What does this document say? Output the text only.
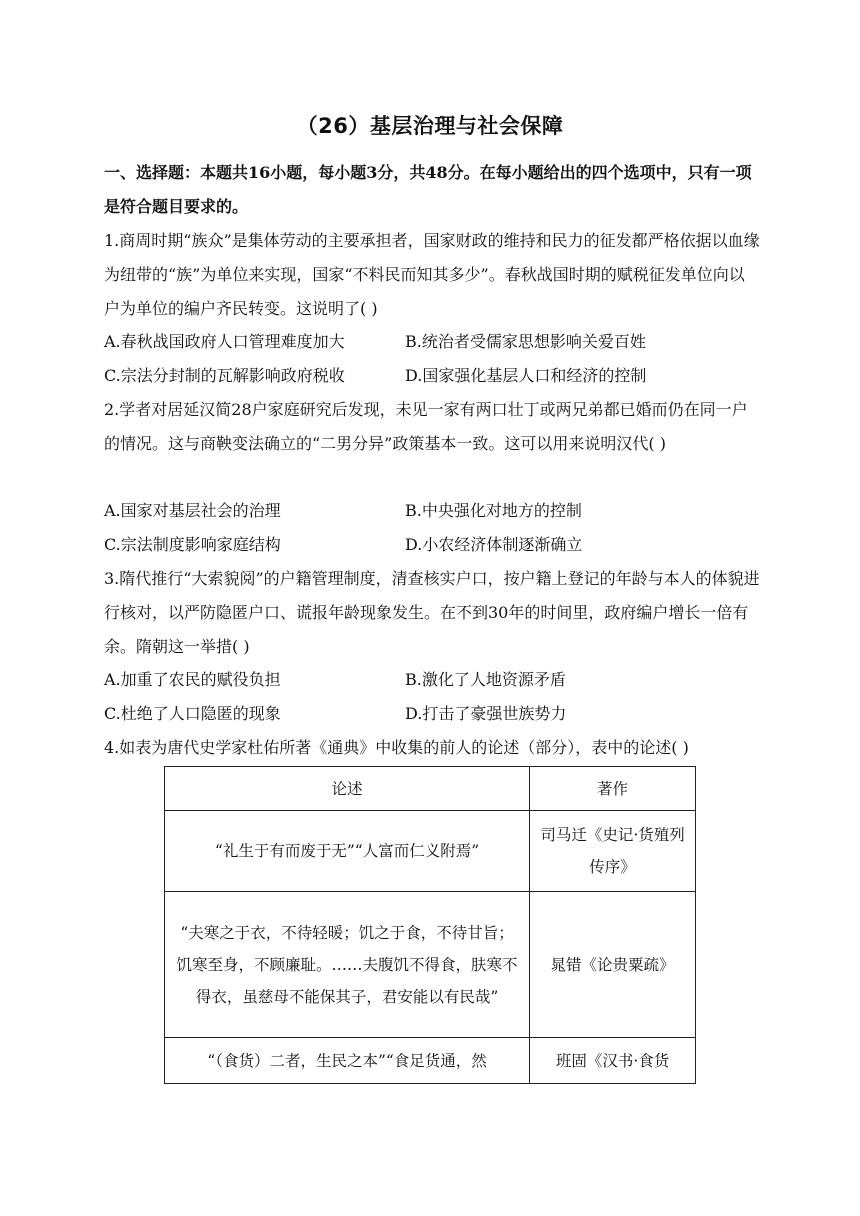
（26）基层治理与社会保障
一、选择题：本题共16小题，每小题3分，共48分。在每小题给出的四个选项中，只有一项是符合题目要求的。
1.商周时期“族众”是集体劳动的主要承担者，国家财政的维持和民力的征发都严格依据以血缘为纽带的“族”为单位来实现，国家“不料民而知其多少”。春秋战国时期的赋税征发单位向以户为单位的编户齐民转变。这说明了( )
A.春秋战国政府人口管理难度加大	B.统治者受儒家思想影响关爱百姓
C.宗法分封制的瓦解影响政府税收	D.国家强化基层人口和经济的控制
2.学者对居延汉简28户家庭研究后发现，未见一家有两口壮丁或两兄弟都已婚而仍在同一户的情况。这与商鞅变法确立的“二男分异”政策基本一致。这可以用来说明汉代( )
A.国家对基层社会的治理	B.中央强化对地方的控制
C.宗法制度影响家庭结构	D.小农经济体制逐渐确立
3.隋代推行“大索貌阅”的户籍管理制度，清查核实户口，按户籍上登记的年龄与本人的体貌进行核对，以严防隐匿户口、谎报年龄现象发生。在不到30年的时间里，政府编户增长一倍有余。隋朝这一举措( )
A.加重了农民的赋役负担	B.激化了人地资源矛盾
C.杜绝了人口隐匿的现象	D.打击了豪强世族势力
4.如表为唐代史学家杜佑所著《通典》中收集的前人的论述（部分），表中的论述( )
论述	著作
“礼生于有而废于无”“人富而仁义附焉”	司马迁《史记·货殖列传序》
“夫寒之于衣，不待轻暖；饥之于食，不待甘旨；饥寒至身，不顾廉耻。……夫腹饥不得食，肤寒不得衣，虽慈母不能保其子，君安能以有民哉”	晁错《论贵粟疏》
“（食货）二者，生民之本”“食足货通，然	班固《汉书·食货
